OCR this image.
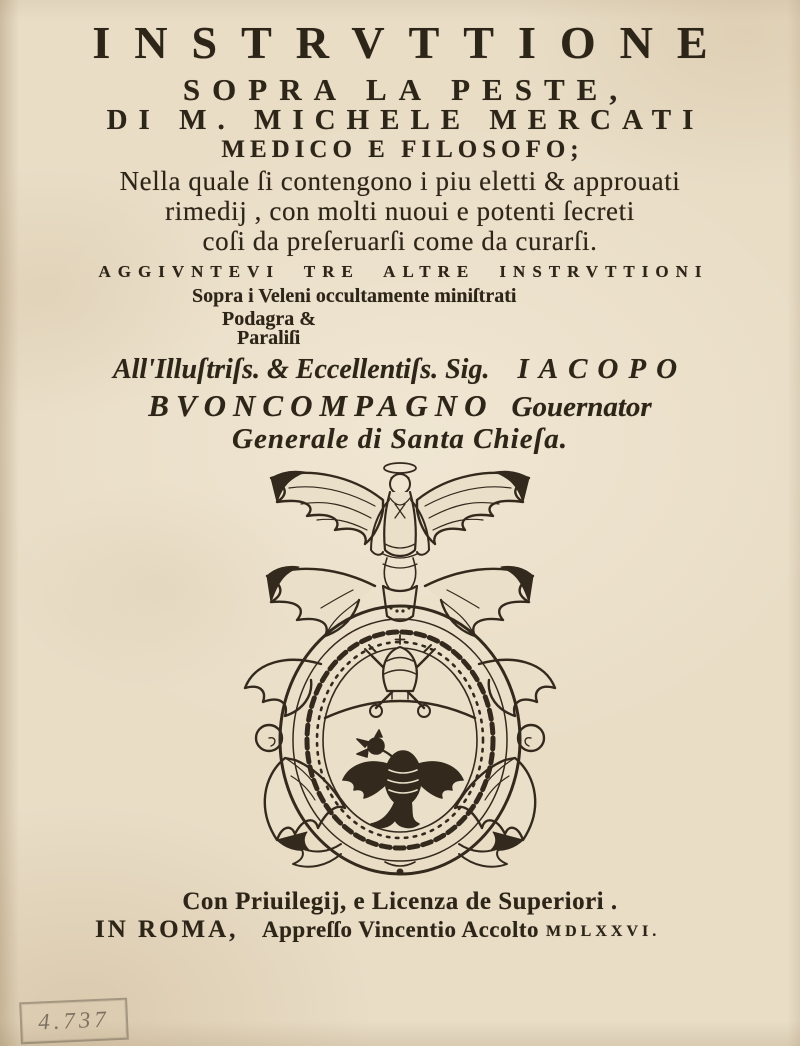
INSTRVTTIONE
SOPRA LA PESTE,
DI M. MICHELE MERCATI
MEDICO E FILOSOFO;
Nella quale ſi contengono i piu eletti & approuati
rimedij , con molti nuoui e potenti ſecreti
coſi da preſeruarſi come da curarſi.
AGGIVNTEVI TRE ALTRE INSTRVTTIONI
Sopra i Veleni occultamente miniſtrati
Podagra &
Paraliſi
All'Illuſtriſs. & Eccellentiſs. Sig. IACOPO
BVONCOMPAGNO Gouernator
Generale di Santa Chieſa.
Con Priuilegij, e Licenza de Superiori .
IN ROMA, Appreſſo Vincentio Accolto MDLXXVI.
4.737
